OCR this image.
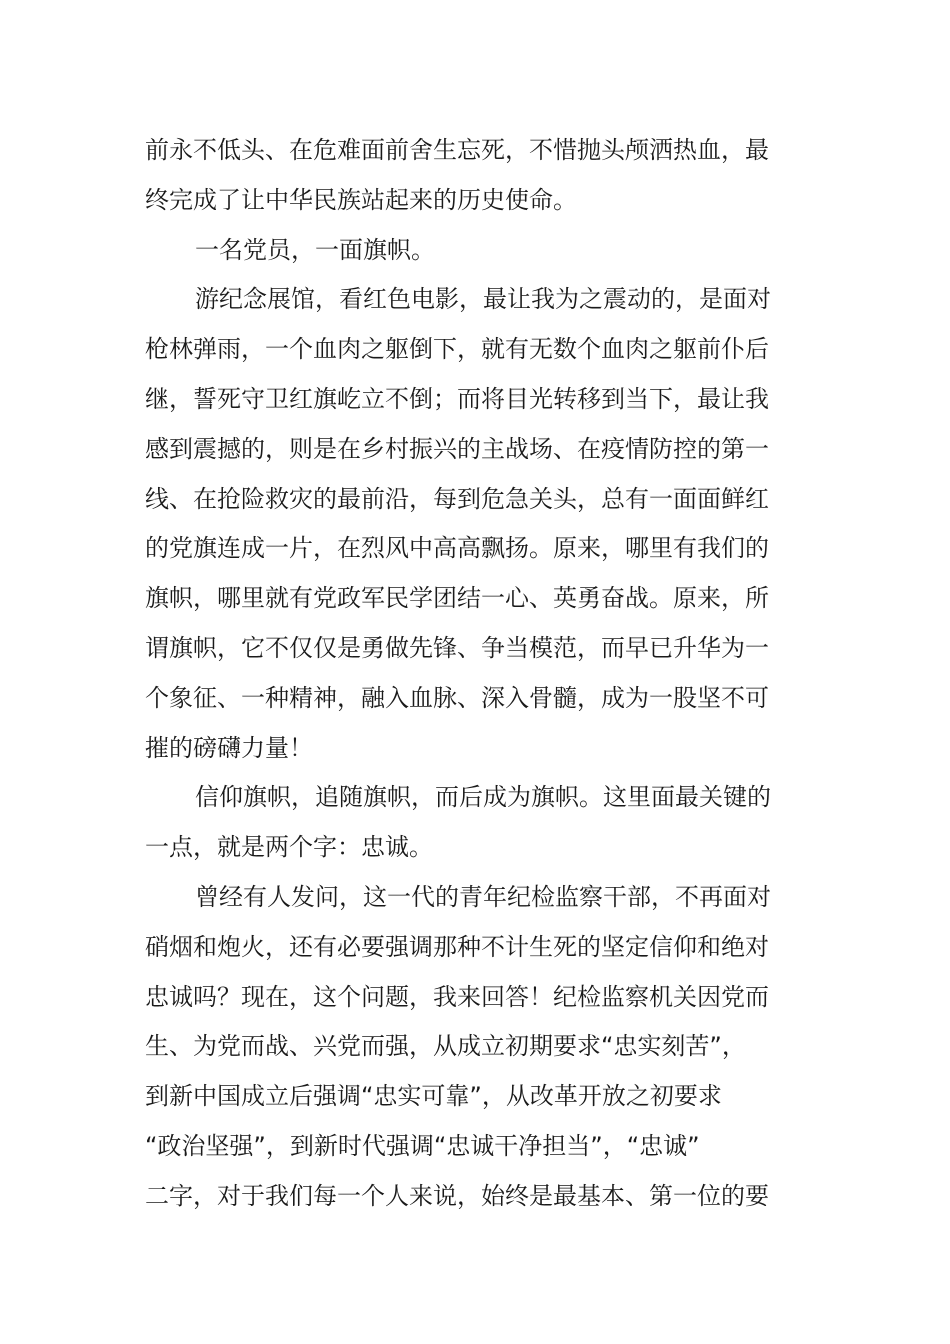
前永不低头、在危难面前舍生忘死，不惜抛头颅洒热血，最
终完成了让中华民族站起来的历史使命。
一名党员，一面旗帜。
游纪念展馆，看红色电影，最让我为之震动的，是面对
枪林弹雨，一个血肉之躯倒下，就有无数个血肉之躯前仆后
继，誓死守卫红旗屹立不倒；而将目光转移到当下，最让我
感到震撼的，则是在乡村振兴的主战场、在疫情防控的第一
线、在抢险救灾的最前沿，每到危急关头，总有一面面鲜红
的党旗连成一片，在烈风中高高飘扬。原来，哪里有我们的
旗帜，哪里就有党政军民学团结一心、英勇奋战。原来，所
谓旗帜，它不仅仅是勇做先锋、争当模范，而早已升华为一
个象征、一种精神，融入血脉、深入骨髓，成为一股坚不可
摧的磅礴力量！
信仰旗帜，追随旗帜，而后成为旗帜。这里面最关键的
一点，就是两个字：忠诚。
曾经有人发问，这一代的青年纪检监察干部，不再面对
硝烟和炮火，还有必要强调那种不计生死的坚定信仰和绝对
忠诚吗？现在，这个问题，我来回答！纪检监察机关因党而
生、为党而战、兴党而强，从成立初期要求“忠实刻苦”，
到新中国成立后强调“忠实可靠”，从改革开放之初要求
“政治坚强”，到新时代强调“忠诚干净担当”，“忠诚”
二字，对于我们每一个人来说，始终是最基本、第一位的要
